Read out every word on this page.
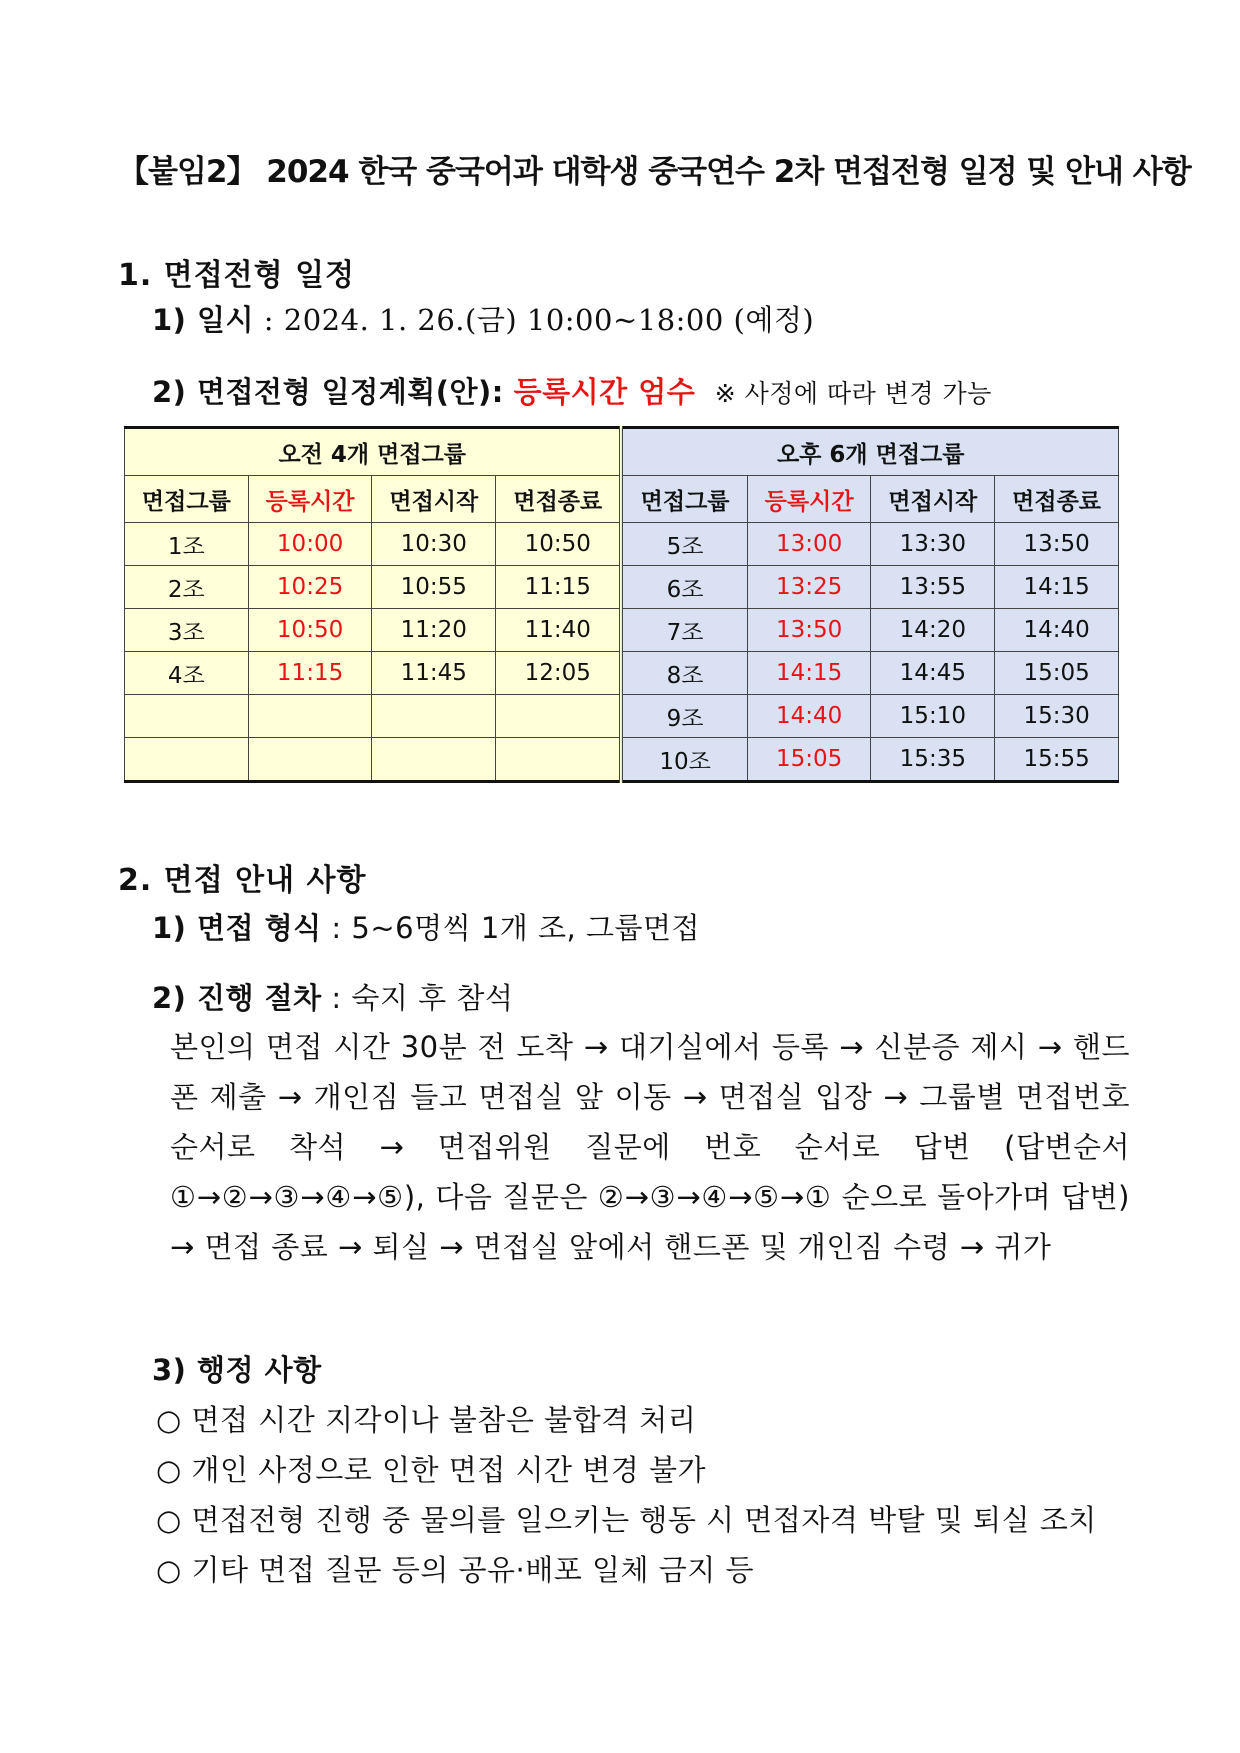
【붙임2】 2024 한국 중국어과 대학생 중국연수 2차 면접전형 일정 및 안내 사항
1. 면접전형 일정
1) 일시 : 2024. 1. 26.(금) 10:00~18:00 (예정)
2) 면접전형 일정계획(안): 등록시간 엄수 ※ 사정에 따라 변경 가능
오전 4개 면접그룹				오후 6개 면접그룹			
면접그룹	등록시간	면접시작	면접종료	면접그룹	등록시간	면접시작	면접종료
1조	10:00	10:30	10:50	5조	13:00	13:30	13:50
2조	10:25	10:55	11:15	6조	13:25	13:55	14:15
3조	10:50	11:20	11:40	7조	13:50	14:20	14:40
4조	11:15	11:45	12:05	8조	14:15	14:45	15:05
				9조	14:40	15:10	15:30
				10조	15:05	15:35	15:55
2. 면접 안내 사항
1) 면접 형식 : 5~6명씩 1개 조, 그룹면접
2) 진행 절차 : 숙지 후 참석
본인의 면접 시간 30분 전 도착 → 대기실에서 등록 → 신분증 제시 → 핸드폰 제출 → 개인짐 들고 면접실 앞 이동 → 면접실 입장 → 그룹별 면접번호 순서로 착석 → 면접위원 질문에 번호 순서로 답변 (답변순서 ①→②→③→④→⑤), 다음 질문은 ②→③→④→⑤→① 순으로 돌아가며 답변) → 면접 종료 → 퇴실 → 면접실 앞에서 핸드폰 및 개인짐 수령 → 귀가
3) 행정 사항
○ 면접 시간 지각이나 불참은 불합격 처리
○ 개인 사정으로 인한 면접 시간 변경 불가
○ 면접전형 진행 중 물의를 일으키는 행동 시 면접자격 박탈 및 퇴실 조치
○ 기타 면접 질문 등의 공유·배포 일체 금지 등
